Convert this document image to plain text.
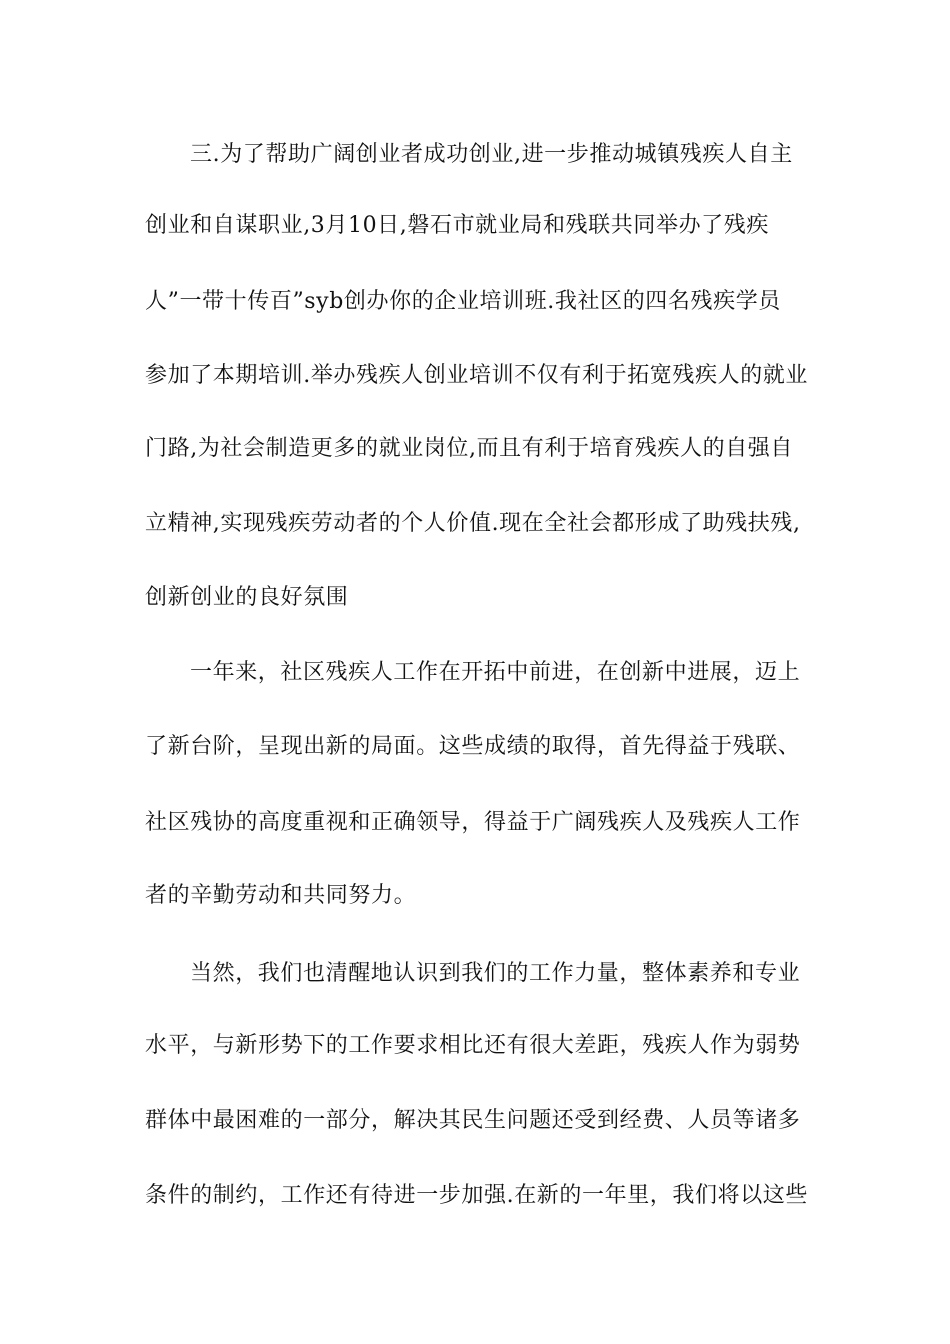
三.为了帮助广阔创业者成功创业,进一步推动城镇残疾人自主
创业和自谋职业,3月10日,磐石市就业局和残联共同举办了残疾
人”一带十传百”syb创办你的企业培训班.我社区的四名残疾学员
参加了本期培训.举办残疾人创业培训不仅有利于拓宽残疾人的就业
门路,为社会制造更多的就业岗位,而且有利于培育残疾人的自强自
立精神,实现残疾劳动者的个人价值.现在全社会都形成了助残扶残,
创新创业的良好氛围
一年来，社区残疾人工作在开拓中前进，在创新中进展，迈上
了新台阶，呈现出新的局面。这些成绩的取得，首先得益于残联、
社区残协的高度重视和正确领导，得益于广阔残疾人及残疾人工作
者的辛勤劳动和共同努力。
当然，我们也清醒地认识到我们的工作力量，整体素养和专业
水平，与新形势下的工作要求相比还有很大差距，残疾人作为弱势
群体中最困难的一部分，解决其民生问题还受到经费、人员等诸多
条件的制约，工作还有待进一步加强.在新的一年里，我们将以这些
